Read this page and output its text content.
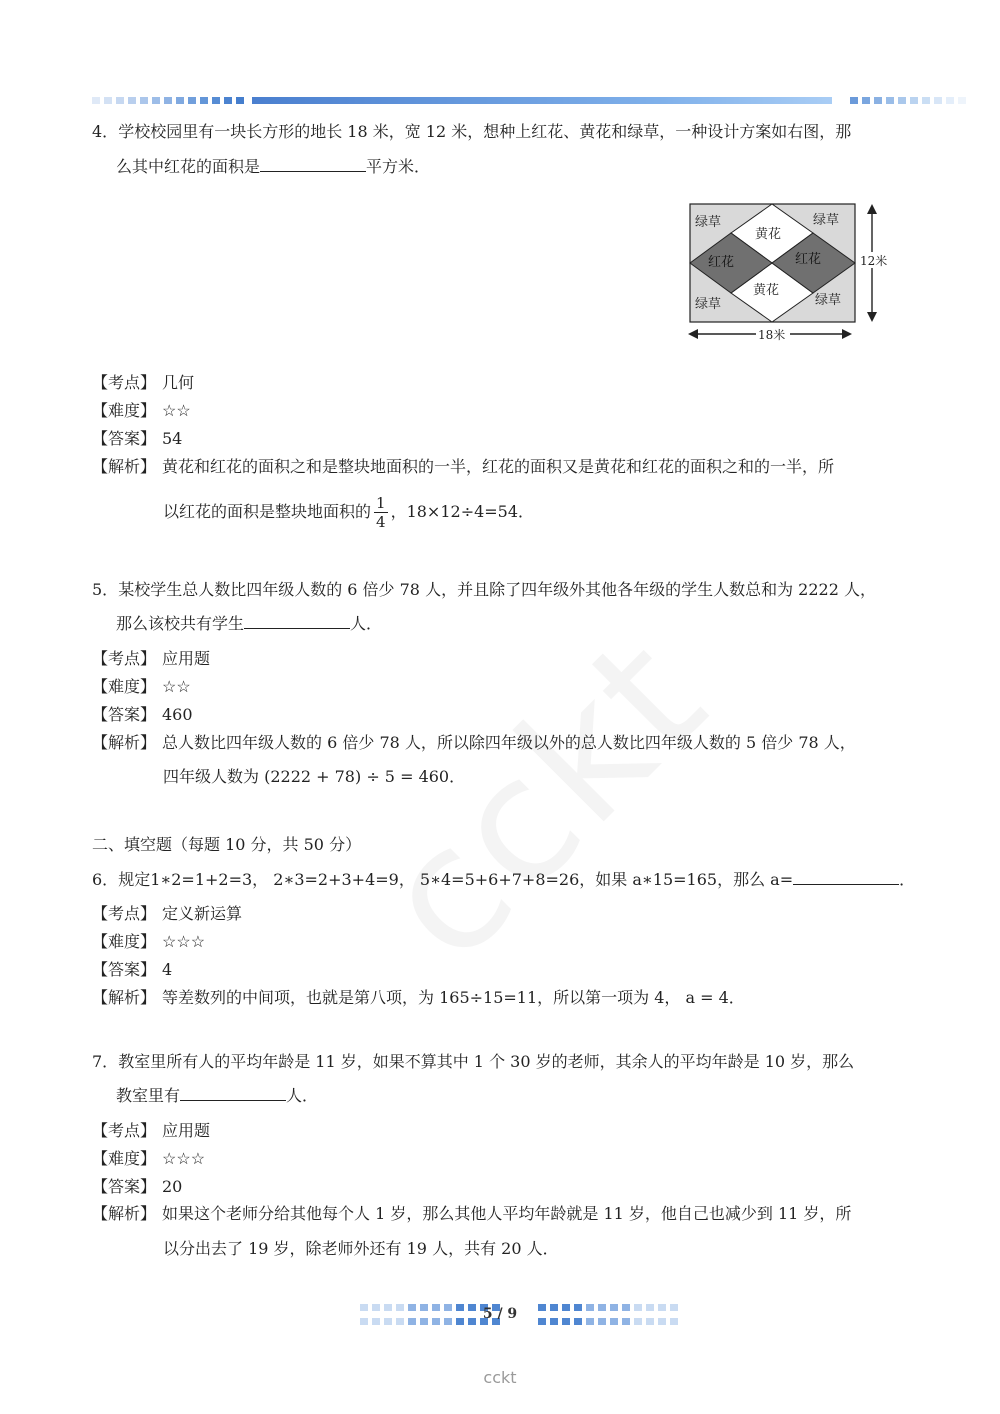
4．学校校园里有一块长方形的地长 18 米，宽 12 米，想种上红花、黄花和绿草，一种设计方案如右图，那
么其中红花的面积是	平方米．
绿草	绿草
绿草	绿草
黄花
黄花
红花	红花	12米
18米
【考点】 几何
【难度】 ☆☆
【答案】 54
【解析】 黄花和红花的面积之和是整块地面积的一半，红花的面积又是黄花和红花的面积之和的一半，所
以红花的面积是整块地面积的 $\frac{1}{4}$ ，18×12÷4=54．
5．某校学生总人数比四年级人数的 6 倍少 78 人，并且除了四年级外其他各年级的学生人数总和为 2222 人，
那么该校共有学生	人．
【考点】 应用题
【难度】 ☆☆
【答案】 460
【解析】 总人数比四年级人数的 6 倍少 78 人，所以除四年级以外的总人数比四年级人数的 5 倍少 78 人，
四年级人数为 (2222 + 78) ÷ 5 = 460．
二、填空题（每题 10 分，共 50 分）
6．规定1∗2=1+2=3， 2∗3=2+3+4=9， 5∗4=5+6+7+8=26，如果 a∗15=165，那么 a=	．
【考点】 定义新运算
【难度】 ☆☆☆
【答案】 4
【解析】 等差数列的中间项，也就是第八项，为 165÷15=11，所以第一项为 4， a = 4．
7．教室里所有人的平均年龄是 11 岁，如果不算其中 1 个 30 岁的老师，其余人的平均年龄是 10 岁，那么
教室里有	人．
【考点】 应用题
【难度】 ☆☆☆
【答案】 20
【解析】 如果这个老师分给其他每个人 1 岁，那么其他人平均年龄就是 11 岁，他自己也减少到 11 岁，所
以分出去了 19 岁，除老师外还有 19 人，共有 20 人．
5 / 9
cckt
